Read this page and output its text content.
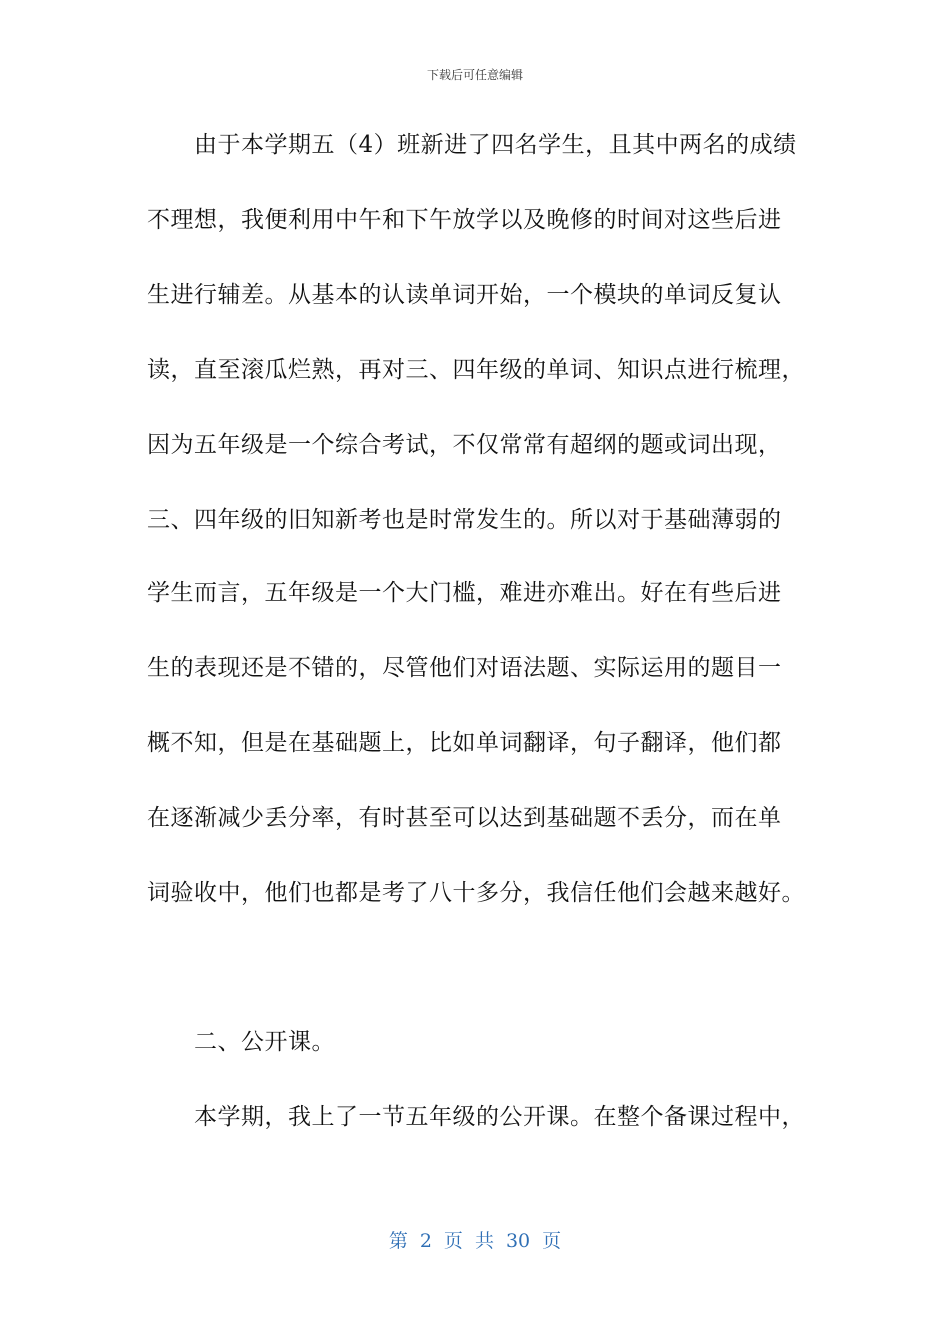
下载后可任意编辑
由于本学期五（4）班新进了四名学生，且其中两名的成绩
不理想，我便利用中午和下午放学以及晚修的时间对这些后进
生进行辅差。从基本的认读单词开始，一个模块的单词反复认
读，直至滚瓜烂熟，再对三、四年级的单词、知识点进行梳理，
因为五年级是一个综合考试，不仅常常有超纲的题或词出现，
三、四年级的旧知新考也是时常发生的。所以对于基础薄弱的
学生而言，五年级是一个大门槛，难进亦难出。好在有些后进
生的表现还是不错的，尽管他们对语法题、实际运用的题目一
概不知，但是在基础题上，比如单词翻译，句子翻译，他们都
在逐渐减少丢分率，有时甚至可以达到基础题不丢分，而在单
词验收中，他们也都是考了八十多分，我信任他们会越来越好。
二、公开课。
本学期，我上了一节五年级的公开课。在整个备课过程中，
第 2 页 共 30 页
